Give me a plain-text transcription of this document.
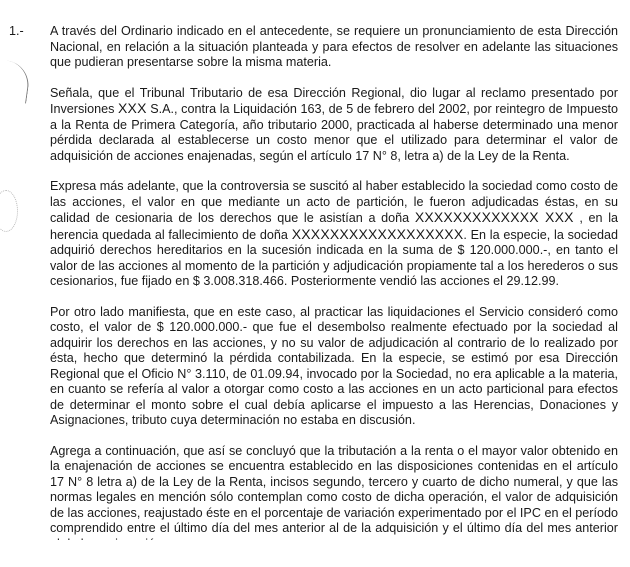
1.- A través del Ordinario indicado en el antecedente, se requiere un pronunciamiento de esta Dirección Nacional, en relación a la situación planteada y para efectos de resolver en adelante las situaciones que pudieran presentarse sobre la misma materia.

Señala, que el Tribunal Tributario de esa Dirección Regional, dio lugar al reclamo presentado por Inversiones XXX S.A., contra la Liquidación 163, de 5 de febrero del 2002, por reintegro de Impuesto a la Renta de Primera Categoría, año tributario 2000, practicada al haberse determinado una menor pérdida declarada al establecerse un costo menor que el utilizado para determinar el valor de adquisición de acciones enajenadas, según el artículo 17 N° 8, letra a) de la Ley de la Renta.

Expresa más adelante, que la controversia se suscitó al haber establecido la sociedad como costo de las acciones, el valor en que mediante un acto de partición, le fueron adjudicadas éstas, en su calidad de cesionaria de los derechos que le asistían a doña XXXXXXXXXXXXX XXX , en la herencia quedada al fallecimiento de doña XXXXXXXXXXXXXXXXXX. En la especie, la sociedad adquirió derechos hereditarios en la sucesión indicada en la suma de $ 120.000.000.-, en tanto el valor de las acciones al momento de la partición y adjudicación propiamente tal a los herederos o sus cesionarios, fue fijado en $ 3.008.318.466. Posteriormente vendió las acciones el 29.12.99.

Por otro lado manifiesta, que en este caso, al practicar las liquidaciones el Servicio consideró como costo, el valor de $ 120.000.000.- que fue el desembolso realmente efectuado por la sociedad al adquirir los derechos en las acciones, y no su valor de adjudicación al contrario de lo realizado por ésta, hecho que determinó la pérdida contabilizada. En la especie, se estimó por esa Dirección Regional que el Oficio N° 3.110, de 01.09.94, invocado por la Sociedad, no era aplicable a la materia, en cuanto se refería al valor a otorgar como costo a las acciones en un acto particional para efectos de determinar el monto sobre el cual debía aplicarse el impuesto a las Herencias, Donaciones y Asignaciones, tributo cuya determinación no estaba en discusión.

Agrega a continuación, que así se concluyó que la tributación a la renta o el mayor valor obtenido en la enajenación de acciones se encuentra establecido en las disposiciones contenidas en el artículo 17 N° 8 letra a) de la Ley de la Renta, incisos segundo, tercero y cuarto de dicho numeral, y que las normas legales en mención sólo contemplan como costo de dicha operación, el valor de adquisición de las acciones, reajustado éste en el porcentaje de variación experimentado por el IPC en el período comprendido entre el último día del mes anterior al de la adquisición y el último día del mes anterior
